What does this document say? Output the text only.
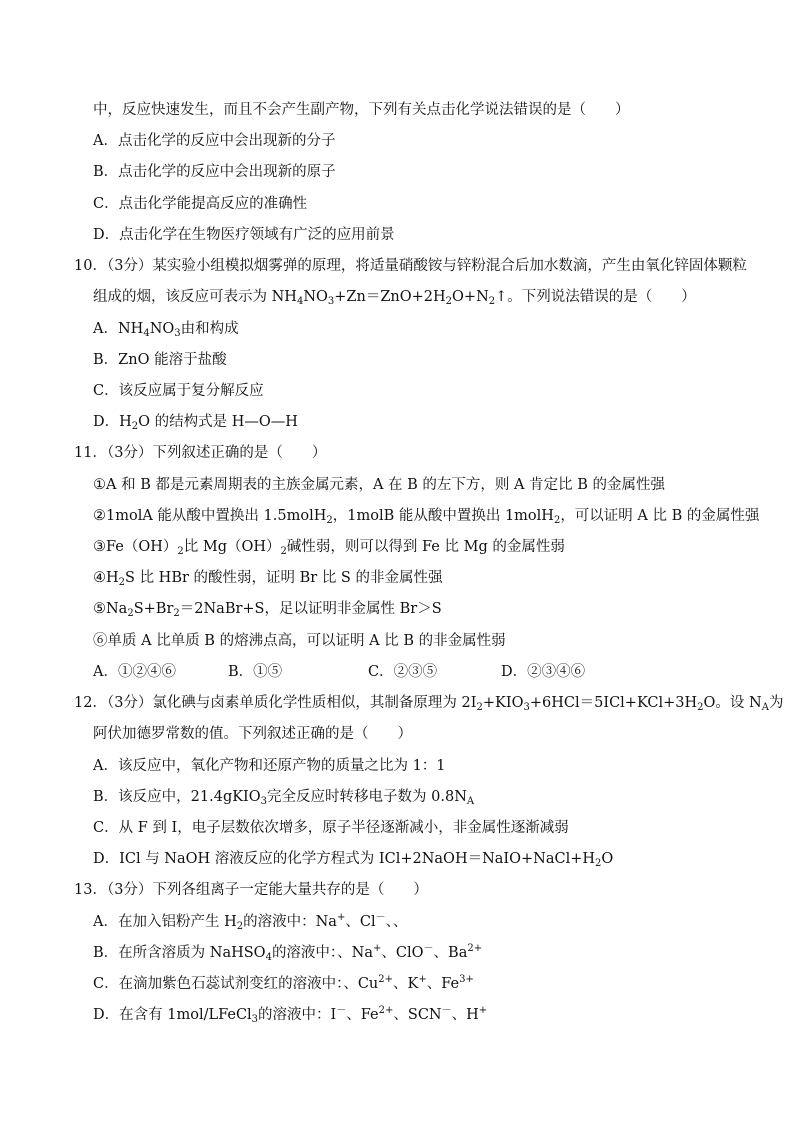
中，反应快速发生，而且不会产生副产物，下列有关点击化学说法错误的是（　　）
A．点击化学的反应中会出现新的分子
B．点击化学的反应中会出现新的原子
C．点击化学能提高反应的准确性
D．点击化学在生物医疗领域有广泛的应用前景
10．（3分）某实验小组模拟烟雾弹的原理，将适量硝酸铵与锌粉混合后加水数滴，产生由氧化锌固体颗粒
组成的烟，该反应可表示为 $NH_4NO_3+Zn=ZnO+2H_2O+N_2↑$。下列说法错误的是（　　）
A．$NH_4NO_3$由和构成
B．ZnO 能溶于盐酸
C．该反应属于复分解反应
D．$H_2O$ 的结构式是 H—O—H
11．（3分）下列叙述正确的是（　　）
①A 和 B 都是元素周期表的主族金属元素，A 在 B 的左下方，则 A 肯定比 B 的金属性强
②1molA 能从酸中置换出 1.5molH$_2$，1molB 能从酸中置换出 1molH$_2$，可以证明 A 比 B 的金属性强
$③Fe(OH)_2$比 $Mg(OH)_2$碱性弱，则可以得到 Fe 比 Mg 的金属性弱
$④H_2S$ 比 HBr 的酸性弱，证明 Br 比 S 的非金属性强
$⑤Na_2S+Br_2=2NaBr+S$，足以证明非金属性 Br＞S
⑥单质 A 比单质 B 的熔沸点高，可以证明 A 比 B 的非金属性弱
A．①②④⑥	B．①⑤	C．②③⑤	D．②③④⑥
12．（3分）氯化碘与卤素单质化学性质相似，其制备原理为 $2I_2+KIO_3+6HCl=5ICl+KCl+3H_2O$。设 $N_A$为
阿伏加德罗常数的值。下列叙述正确的是（　　）
A．该反应中，氧化产物和还原产物的质量之比为 1：1
B．该反应中，21.4gKIO$_3$完全反应时转移电子数为 $0.8N_A$
C．从 F 到 I，电子层数依次增多，原子半径逐渐减小，非金属性逐渐减弱
D．ICl 与 NaOH 溶液反应的化学方程式为 $ICl+2NaOH=NaIO+NaCl+H_2O$
13．（3分）下列各组离子一定能大量共存的是（　　）
A．在加入铝粉产生 $H_2$的溶液中：Na+、Cl－、、
B．在所含溶质为 NaHSO$_4$的溶液中：、Na+、ClO－、$Ba^{2+}$
C．在滴加紫色石蕊试剂变红的溶液中：、$Cu^{2+}$、K+、$Fe^{3+}$
D．在含有 1mol/LFeCl$_3$的溶液中：I－、$Fe^{2+}$、SCN－、H+
